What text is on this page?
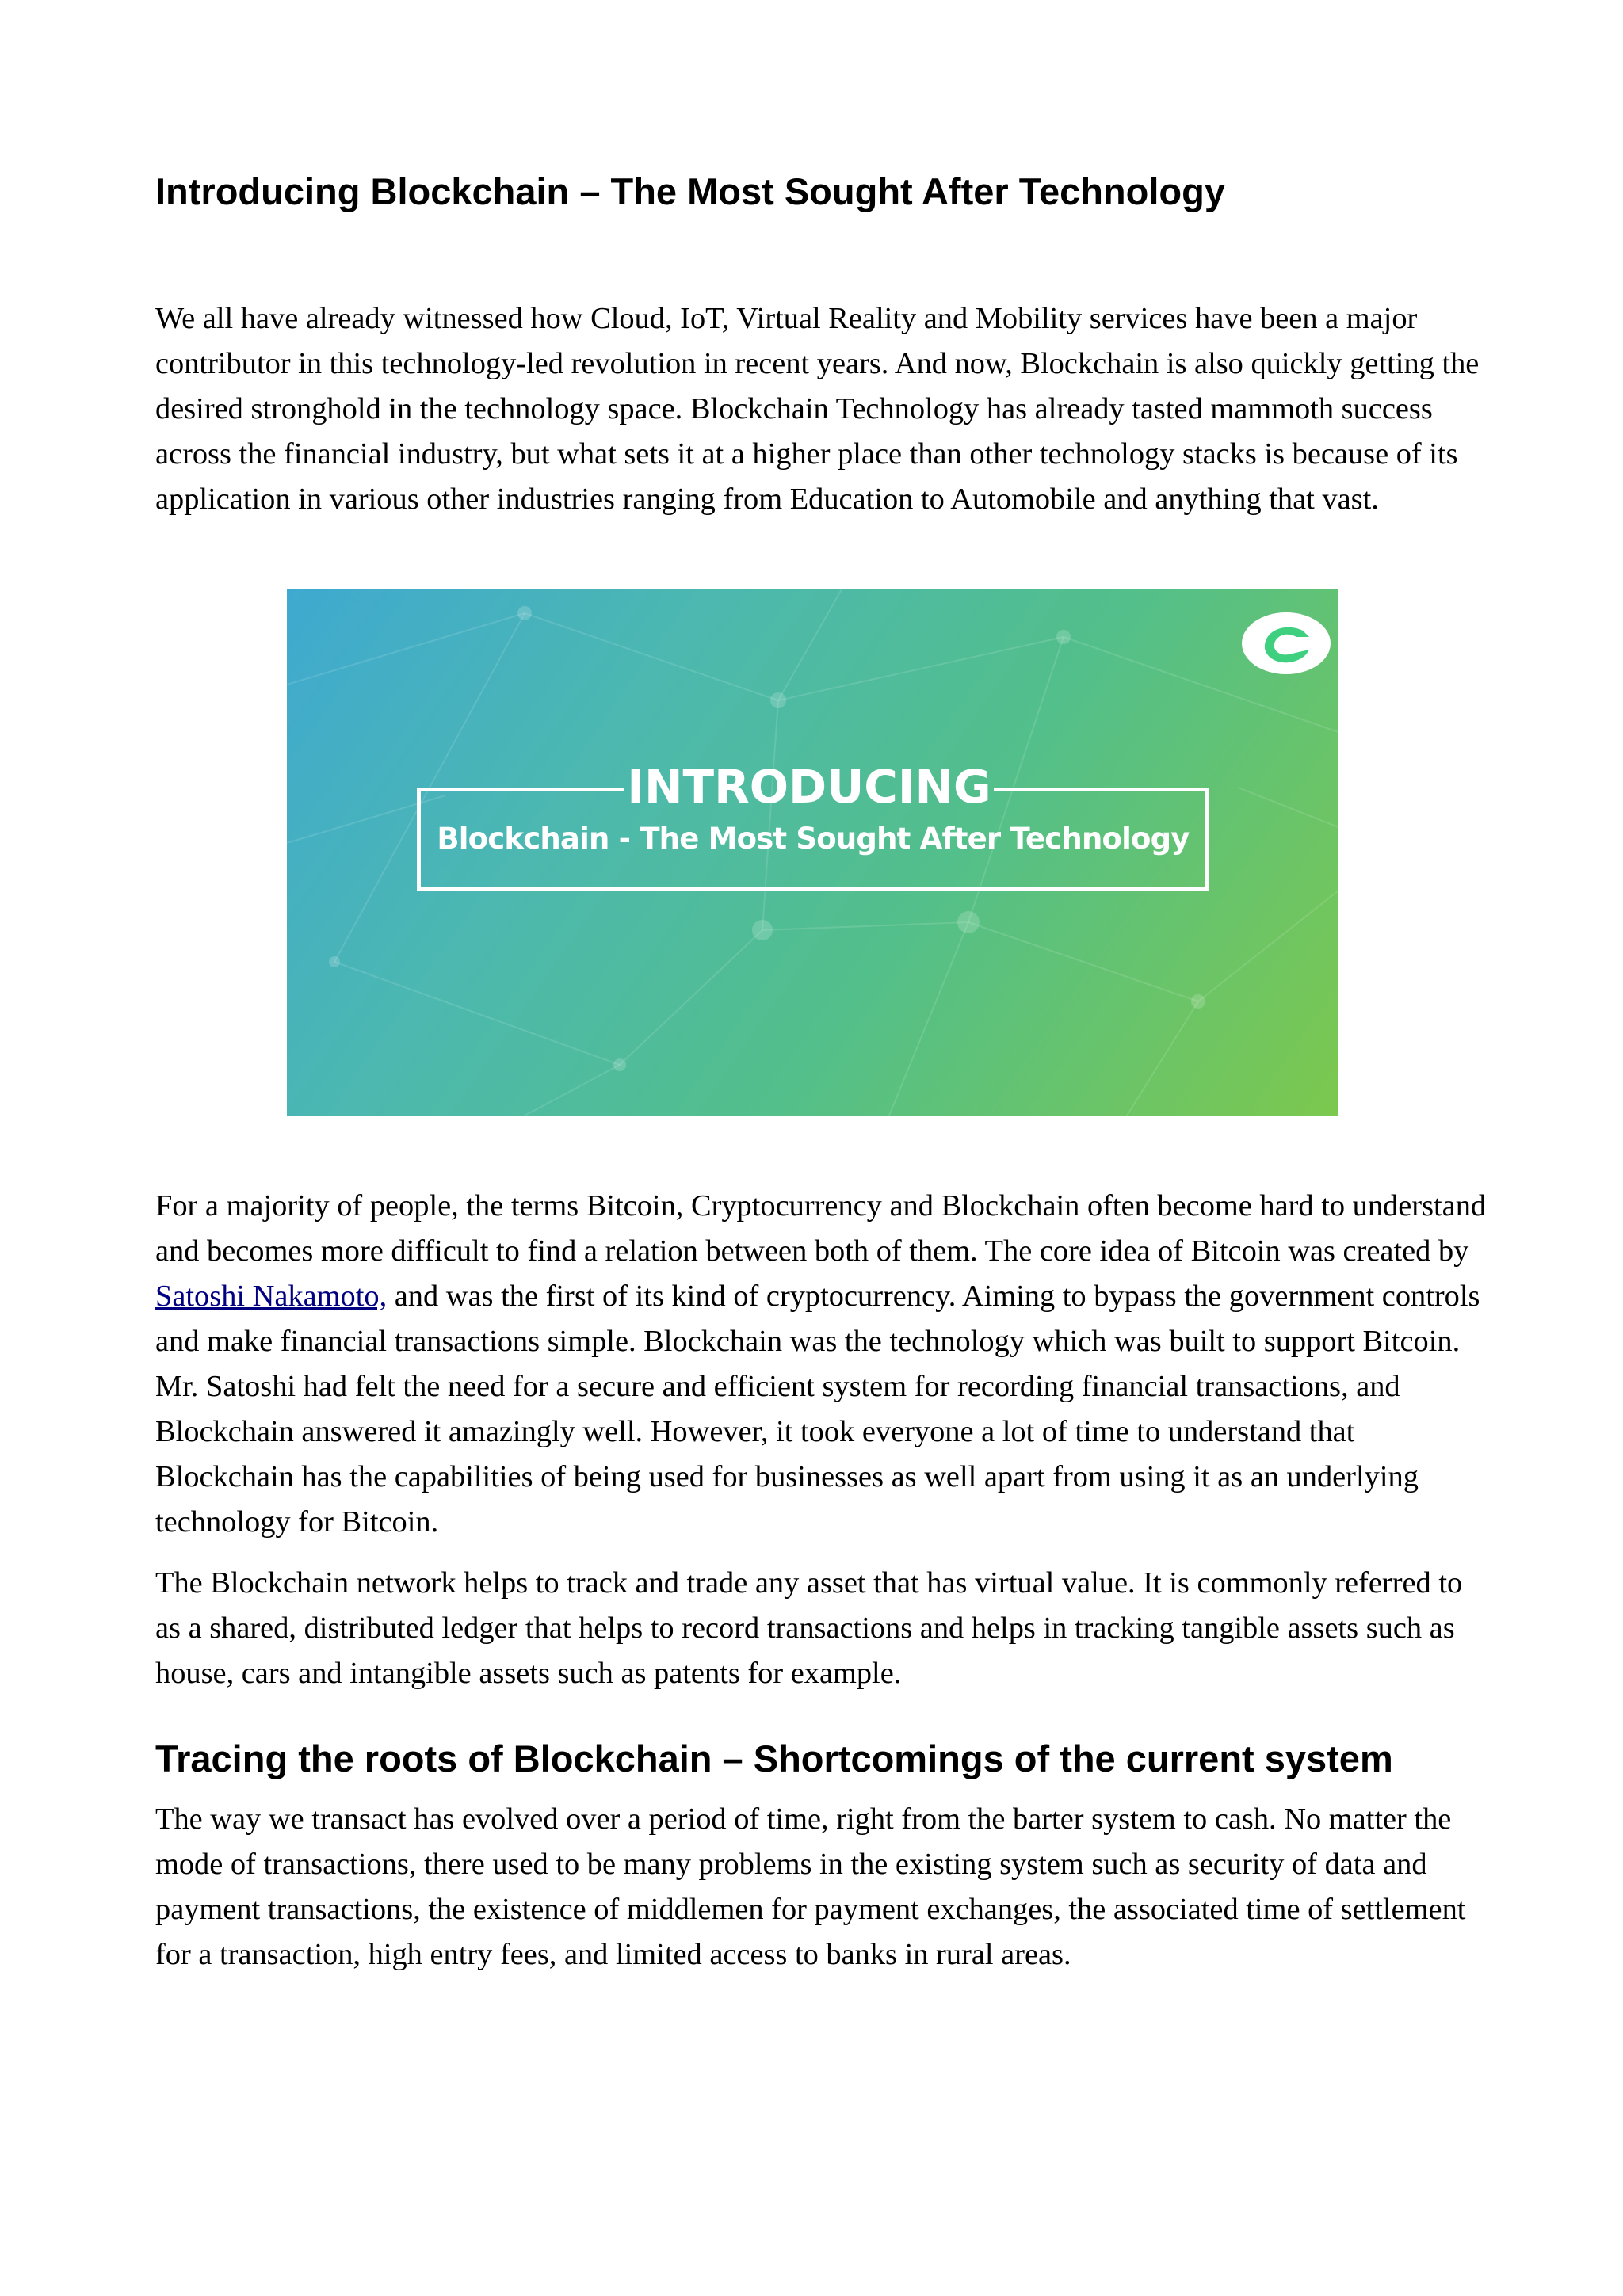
Introducing Blockchain – The Most Sought After Technology

We all have already witnessed how Cloud, IoT, Virtual Reality and Mobility services have been a major contributor in this technology-led revolution in recent years. And now, Blockchain is also quickly getting the desired stronghold in the technology space. Blockchain Technology has already tasted mammoth success across the financial industry, but what sets it at a higher place than other technology stacks is because of its application in various other industries ranging from Education to Automobile and anything that vast.

INTRODUCING
Blockchain - The Most Sought After Technology

For a majority of people, the terms Bitcoin, Cryptocurrency and Blockchain often become hard to understand and becomes more difficult to find a relation between both of them. The core idea of Bitcoin was created by Satoshi Nakamoto, and was the first of its kind of cryptocurrency. Aiming to bypass the government controls and make financial transactions simple. Blockchain was the technology which was built to support Bitcoin. Mr. Satoshi had felt the need for a secure and efficient system for recording financial transactions, and Blockchain answered it amazingly well. However, it took everyone a lot of time to understand that Blockchain has the capabilities of being used for businesses as well apart from using it as an underlying technology for Bitcoin.

The Blockchain network helps to track and trade any asset that has virtual value. It is commonly referred to as a shared, distributed ledger that helps to record transactions and helps in tracking tangible assets such as house, cars and intangible assets such as patents for example.

Tracing the roots of Blockchain – Shortcomings of the current system

The way we transact has evolved over a period of time, right from the barter system to cash. No matter the mode of transactions, there used to be many problems in the existing system such as security of data and payment transactions, the existence of middlemen for payment exchanges, the associated time of settlement for a transaction, high entry fees, and limited access to banks in rural areas.
